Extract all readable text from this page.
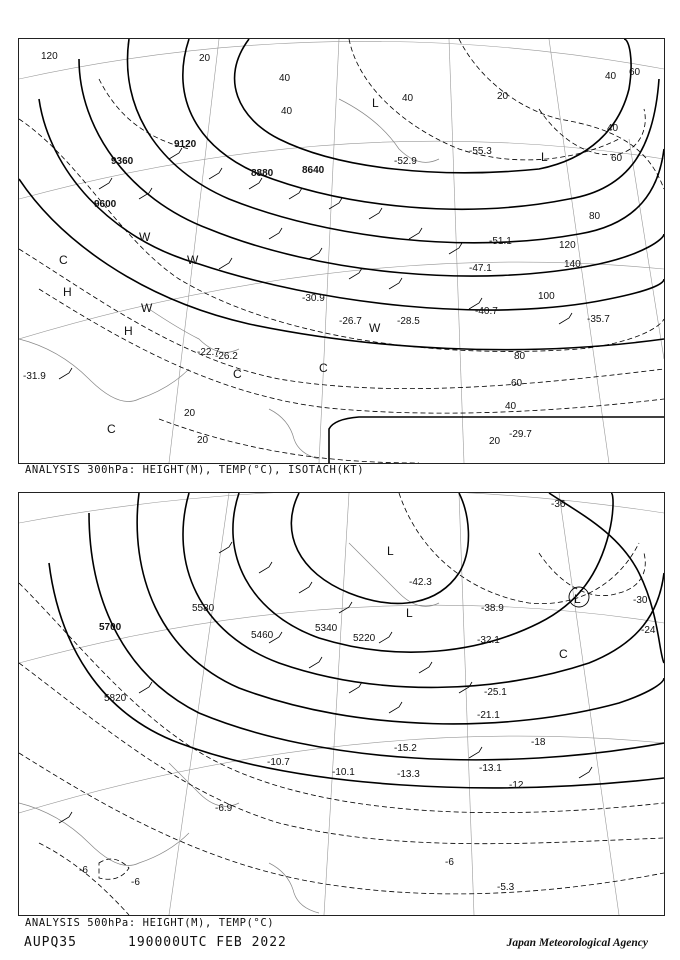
9120
9360
9600
8880	8640
120	20
40
40
40
80
60
40
120
140
100
80
40
60
20
60
40
20
20	20
L
L
H
H
C	C
C
C
W
W
W
W
-51.1
-47.1
-40.7
-35.7
-29.7
-26.7
-30.9
-22.7
-28.5
-26.2
-31.9
-55.3
-52.9
ANALYSIS 300hPa: HEIGHT(M), TEMP(°C), ISOTACH(KT)
5700
5580
5460
5340
5220
5820
-36
-30
-24
-18
-12
-6
-6
-6
L
L
L
C
-38.9
-32.1
-25.1
-21.1
-15.2
-13.3
-13.1
-10.1
-10.7
-5.3
-6.9
-42.3
ANALYSIS 500hPa: HEIGHT(M), TEMP(°C)
AUPQ35	190000UTC FEB 2022	Japan Meteorological Agency
